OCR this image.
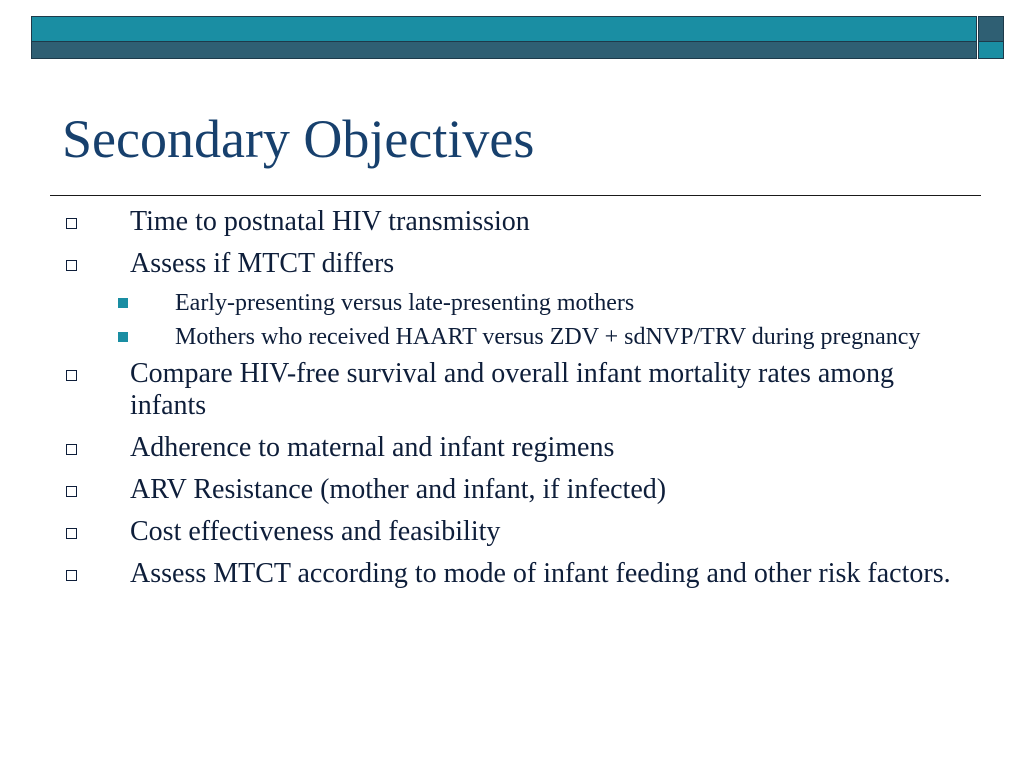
Secondary Objectives
Time to postnatal HIV transmission
Assess if MTCT differs
Early-presenting versus late-presenting mothers
Mothers who received HAART versus ZDV + sdNVP/TRV during pregnancy
Compare HIV-free survival and overall infant mortality rates among infants
Adherence to maternal and infant regimens
ARV Resistance (mother and infant, if infected)
Cost effectiveness and feasibility
Assess MTCT according to mode of infant feeding and other risk factors.
